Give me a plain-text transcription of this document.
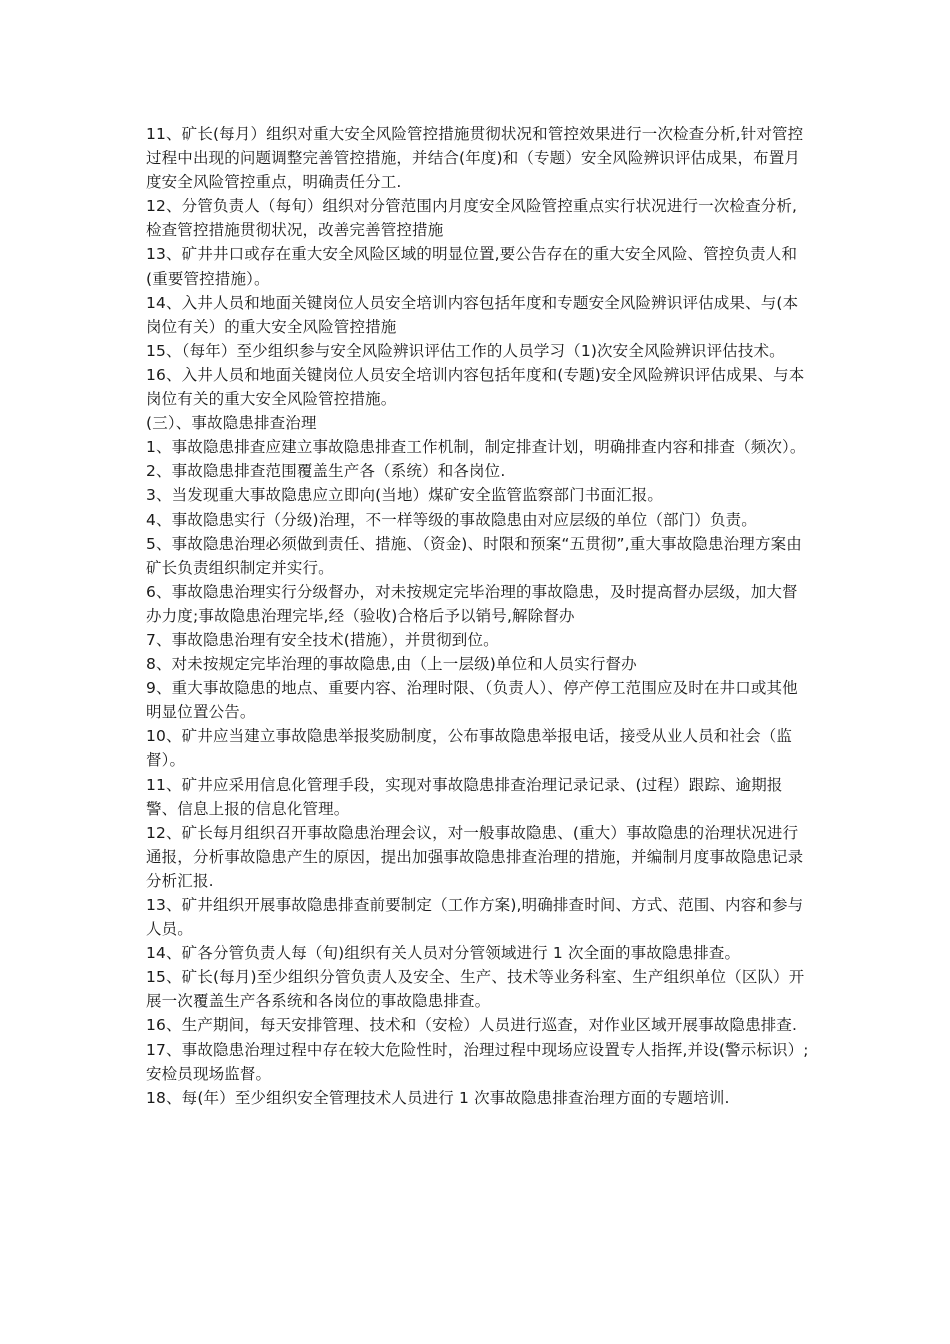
11、矿长(每月）组织对重大安全风险管控措施贯彻状况和管控效果进行一次检查分析,针对管控过程中出现的问题调整完善管控措施，并结合(年度)和（专题）安全风险辨识评估成果，布置月度安全风险管控重点，明确责任分工.

12、分管负责人（每旬）组织对分管范围内月度安全风险管控重点实行状况进行一次检查分析,检查管控措施贯彻状况，改善完善管控措施

13、矿井井口或存在重大安全风险区域的明显位置,要公告存在的重大安全风险、管控负责人和(重要管控措施）。

14、入井人员和地面关键岗位人员安全培训内容包括年度和专题安全风险辨识评估成果、与(本岗位有关）的重大安全风险管控措施

15、（每年）至少组织参与安全风险辨识评估工作的人员学习（1)次安全风险辨识评估技术。

16、入井人员和地面关键岗位人员安全培训内容包括年度和(专题)安全风险辨识评估成果、与本岗位有关的重大安全风险管控措施。

(三）、事故隐患排查治理

1、事故隐患排查应建立事故隐患排查工作机制，制定排查计划，明确排查内容和排查（频次）。

2、事故隐患排查范围覆盖生产各（系统）和各岗位.

3、当发现重大事故隐患应立即向(当地）煤矿安全监管监察部门书面汇报。

4、事故隐患实行（分级)治理，不一样等级的事故隐患由对应层级的单位（部门）负责。

5、事故隐患治理必须做到责任、措施、（资金)、时限和预案“五贯彻”,重大事故隐患治理方案由矿长负责组织制定并实行。

6、事故隐患治理实行分级督办，对未按规定完毕治理的事故隐患，及时提高督办层级，加大督办力度;事故隐患治理完毕,经（验收)合格后予以销号,解除督办

7、事故隐患治理有安全技术(措施），并贯彻到位。

8、对未按规定完毕治理的事故隐患,由（上一层级)单位和人员实行督办

9、重大事故隐患的地点、重要内容、治理时限、（负责人）、停产停工范围应及时在井口或其他明显位置公告。

10、矿井应当建立事故隐患举报奖励制度，公布事故隐患举报电话，接受从业人员和社会（监督）。

11、矿井应采用信息化管理手段，实现对事故隐患排查治理记录记录、(过程）跟踪、逾期报警、信息上报的信息化管理。

12、矿长每月组织召开事故隐患治理会议，对一般事故隐患、(重大）事故隐患的治理状况进行通报，分析事故隐患产生的原因，提出加强事故隐患排查治理的措施，并编制月度事故隐患记录分析汇报.

13、矿井组织开展事故隐患排查前要制定（工作方案),明确排查时间、方式、范围、内容和参与人员。

14、矿各分管负责人每（旬)组织有关人员对分管领域进行 1 次全面的事故隐患排查。

15、矿长(每月)至少组织分管负责人及安全、生产、技术等业务科室、生产组织单位（区队）开展一次覆盖生产各系统和各岗位的事故隐患排查。

16、生产期间，每天安排管理、技术和（安检）人员进行巡查，对作业区域开展事故隐患排查.

17、事故隐患治理过程中存在较大危险性时，治理过程中现场应设置专人指挥,并设(警示标识）;安检员现场监督。

18、每(年）至少组织安全管理技术人员进行 1 次事故隐患排查治理方面的专题培训.
